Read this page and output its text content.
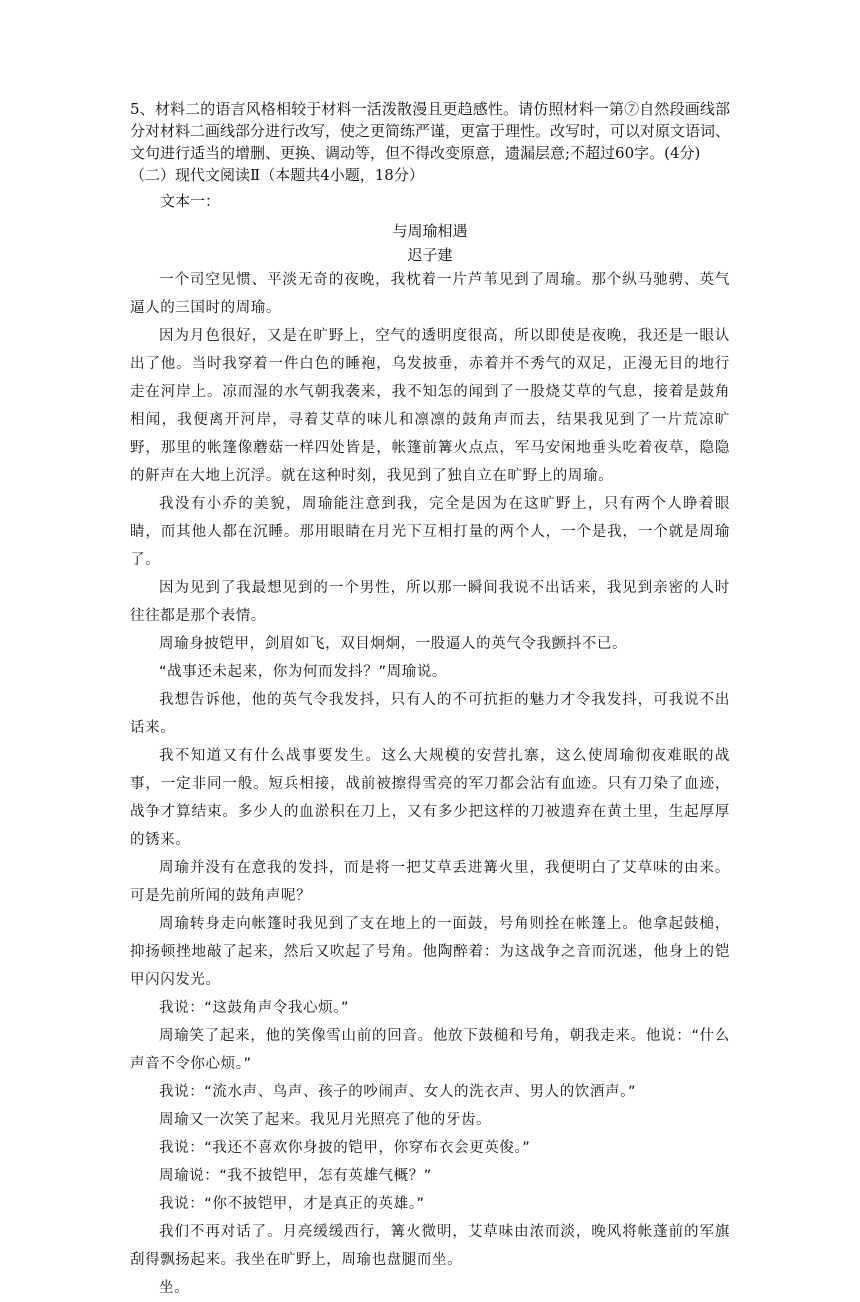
5、材料二的语言风格相较于材料一活泼散漫且更趋感性。请仿照材料一第⑦自然段画线部分对材料二画线部分进行改写，使之更简练严谨，更富于理性。改写时，可以对原文语词、文句进行适当的增删、更换、调动等，但不得改变原意，遗漏层意;不超过60字。(4分)

（二）现代文阅读Ⅱ（本题共4小题，18分）

文本一：

与周瑜相遇

迟子建

一个司空见惯、平淡无奇的夜晚，我枕着一片芦苇见到了周瑜。那个纵马驰骋、英气逼人的三国时的周瑜。

因为月色很好，又是在旷野上，空气的透明度很高，所以即使是夜晚，我还是一眼认出了他。当时我穿着一件白色的睡袍，乌发披垂，赤着并不秀气的双足，正漫无目的地行走在河岸上。凉而湿的水气朝我袭来，我不知怎的闻到了一股烧艾草的气息，接着是鼓角相闻，我便离开河岸，寻着艾草的味儿和凛凛的鼓角声而去，结果我见到了一片荒凉旷野，那里的帐篷像蘑菇一样四处皆是，帐篷前篝火点点，军马安闲地垂头吃着夜草，隐隐的鼾声在大地上沉浮。就在这种时刻，我见到了独自立在旷野上的周瑜。

我没有小乔的美貌，周瑜能注意到我，完全是因为在这旷野上，只有两个人睁着眼睛，而其他人都在沉睡。那用眼睛在月光下互相打量的两个人，一个是我，一个就是周瑜了。

因为见到了我最想见到的一个男性，所以那一瞬间我说不出话来，我见到亲密的人时往往都是那个表情。

周瑜身披铠甲，剑眉如飞，双目炯炯，一股逼人的英气令我颤抖不已。

“战事还未起来，你为何而发抖？”周瑜说。

我想告诉他，他的英气令我发抖，只有人的不可抗拒的魅力才令我发抖，可我说不出话来。

我不知道又有什么战事要发生。这么大规模的安营扎寨，这么使周瑜彻夜难眠的战事，一定非同一般。短兵相接，战前被擦得雪亮的军刀都会沾有血迹。只有刀染了血迹，战争才算结束。多少人的血淤积在刀上，又有多少把这样的刀被遗弃在黄土里，生起厚厚的锈来。

周瑜并没有在意我的发抖，而是将一把艾草丢进篝火里，我便明白了艾草味的由来。可是先前所闻的鼓角声呢？

周瑜转身走向帐篷时我见到了支在地上的一面鼓，号角则拴在帐篷上。他拿起鼓槌，抑扬顿挫地敲了起来，然后又吹起了号角。他陶醉着：为这战争之音而沉迷，他身上的铠甲闪闪发光。

我说：“这鼓角声令我心烦。”

周瑜笑了起来，他的笑像雪山前的回音。他放下鼓槌和号角，朝我走来。他说：“什么声音不令你心烦。”

我说：“流水声、鸟声、孩子的吵闹声、女人的洗衣声、男人的饮酒声。”

周瑜又一次笑了起来。我见月光照亮了他的牙齿。

我说：“我还不喜欢你身披的铠甲，你穿布衣会更英俊。”

周瑜说：“我不披铠甲，怎有英雄气概？”

我说：“你不披铠甲，才是真正的英雄。”

我们不再对话了。月亮缓缓西行，篝火微明，艾草味由浓而淡，晚风将帐蓬前的军旗刮得飘扬起来。我坐在旷野上，周瑜也盘腿而坐。

坐。
